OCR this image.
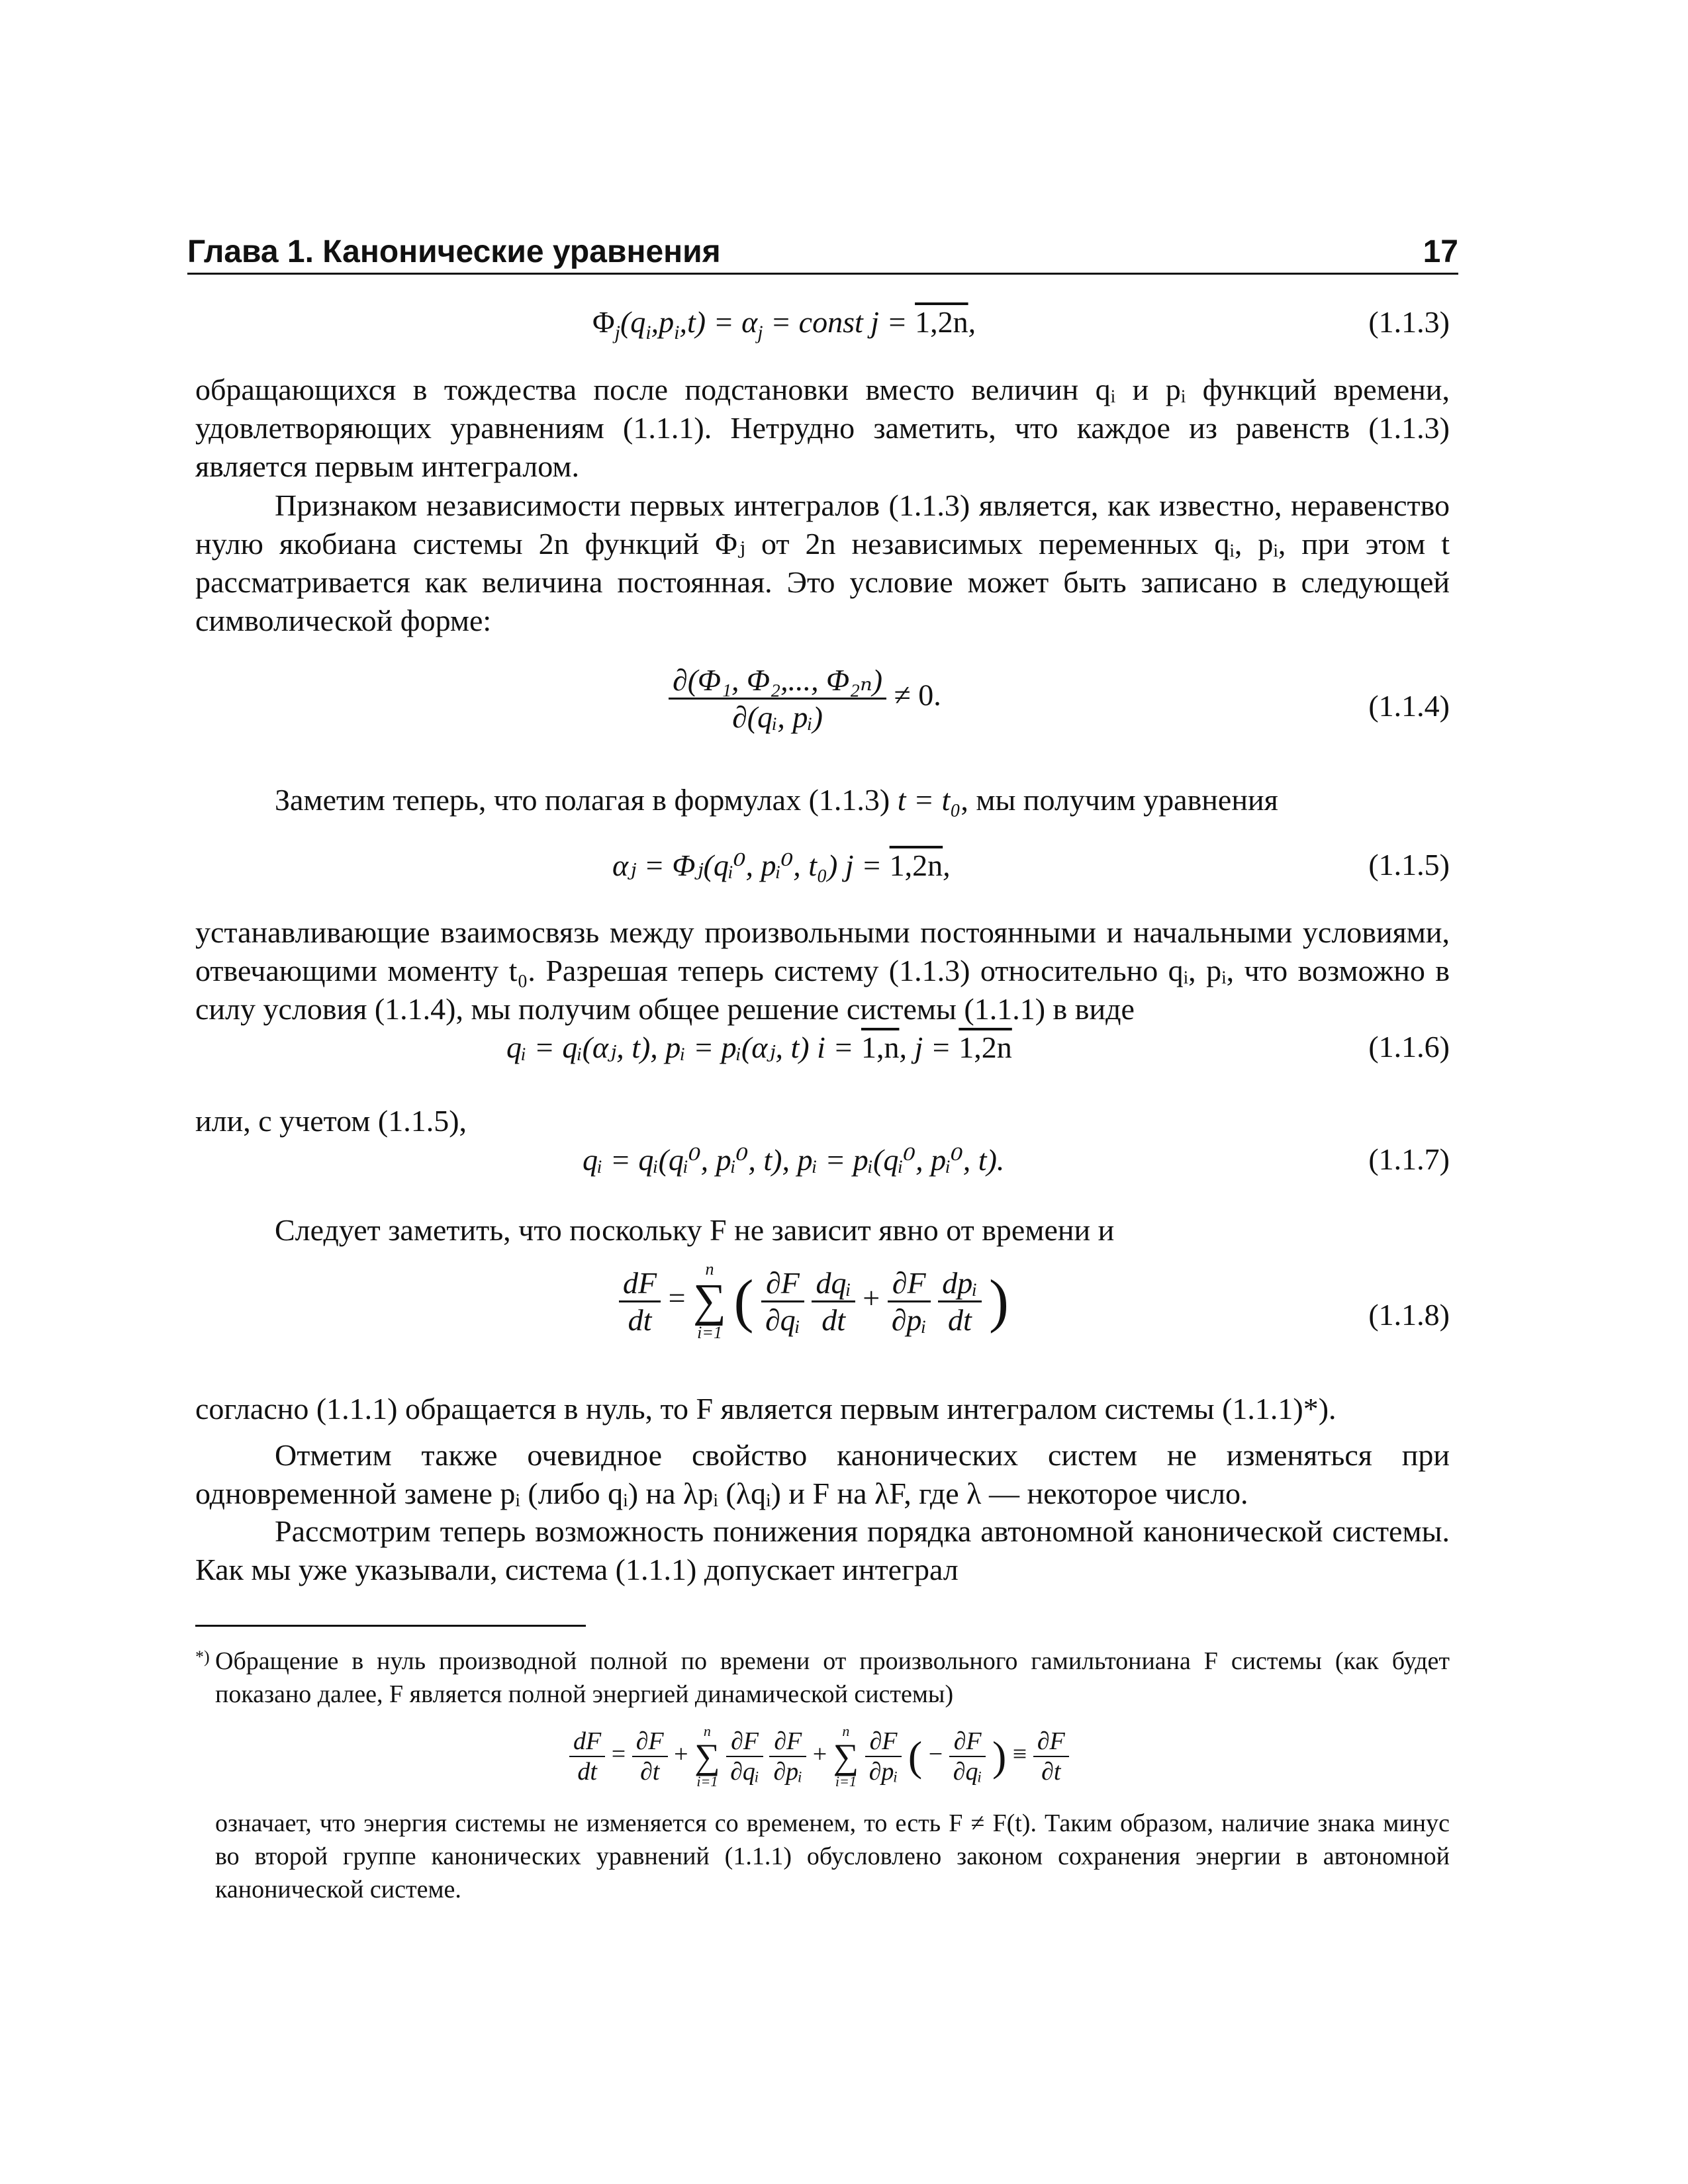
Глава 1. Канонические уравнения	17
$\Phi_j(q_i,p_i,t) = \alpha_j$ = const j = 1,2n,	(1.1.3)
обращающихся в тождества после подстановки вместо величин qᵢ и pᵢ функций времени, удовлетворяющих уравнениям (1.1.1). Нетрудно заметить, что каждое из равенств (1.1.3) является первым интегралом.
Признаком независимости первых интегралов (1.1.3) является, как известно, неравенство нулю якобиана системы 2n функций Φⱼ от 2n независимых переменных qᵢ, pᵢ, при этом t рассматривается как величина постоянная. Это условие может быть записано в следующей символической форме:
$\frac{\text{∂(Φ₁, Φ₂,..., Φ₂ₙ)}}{\text{∂(qᵢ, pᵢ)}} \ne 0$.	(1.1.4)
Заметим теперь, что полагая в формулах (1.1.3) t = t₀, мы получим уравнения
αⱼ = Φⱼ(qᵢ⁰, pᵢ⁰, t₀) j = 1,2n,	(1.1.5)
устанавливающие взаимосвязь между произвольными постоянными и начальными условиями, отвечающими моменту t₀. Разрешая теперь систему (1.1.3) относительно qᵢ, pᵢ, что возможно в силу условия (1.1.4), мы получим общее решение системы (1.1.1) в виде
qᵢ = qᵢ(αⱼ, t), pᵢ = pᵢ(αⱼ, t) i = 1,n, j = 1,2n	(1.1.6)
или, с учетом (1.1.5),
qᵢ = qᵢ(qᵢ⁰, pᵢ⁰, t), pᵢ = pᵢ(qᵢ⁰, pᵢ⁰, t).	(1.1.7)
Следует заметить, что поскольку F не зависит явно от времени и
$\frac{dF}{dt}$ =
n
∑
i=1 ( $\frac{\partial F}{\text{∂qᵢ}}$
$\frac{\text{dqᵢ}}{dt} + \frac{\partial F}{\text{∂pᵢ}}$
$\frac{\text{dpᵢ}}{dt}$ )	(1.1.8)
согласно (1.1.1) обращается в нуль, то F является первым интегралом системы (1.1.1)*).
Отметим также очевидное свойство канонических систем не изменяться при одновременной замене pᵢ (либо qᵢ) на λpᵢ (λqᵢ) и F на λF, где λ — некоторое число.
Рассмотрим теперь возможность понижения порядка автономной канонической системы. Как мы уже указывали, система (1.1.1) допускает интеграл
*) Обращение в нуль производной полной по времени от произвольного гамильтониана F системы (как будет показано далее, F является полной энергией динамической системы)
$\frac{dF}{dt} = \frac{\partial F}{\partial t}$ +
n
∑
i=1
$\frac{\partial F}{\text{∂qᵢ}}$
$\frac{\partial F}{\text{∂pᵢ}}$ +
n
∑
i=1
$\frac{\partial F}{\text{∂pᵢ}}$ ( − $\frac{\partial F}{\text{∂qᵢ}}$ ) ≡ $\frac{\partial F}{\partial t}$
означает, что энергия системы не изменяется со временем, то есть F ≠ F(t). Таким образом, наличие знака минус во второй группе канонических уравнений (1.1.1) обусловлено законом сохранения энергии в автономной канонической системе.
